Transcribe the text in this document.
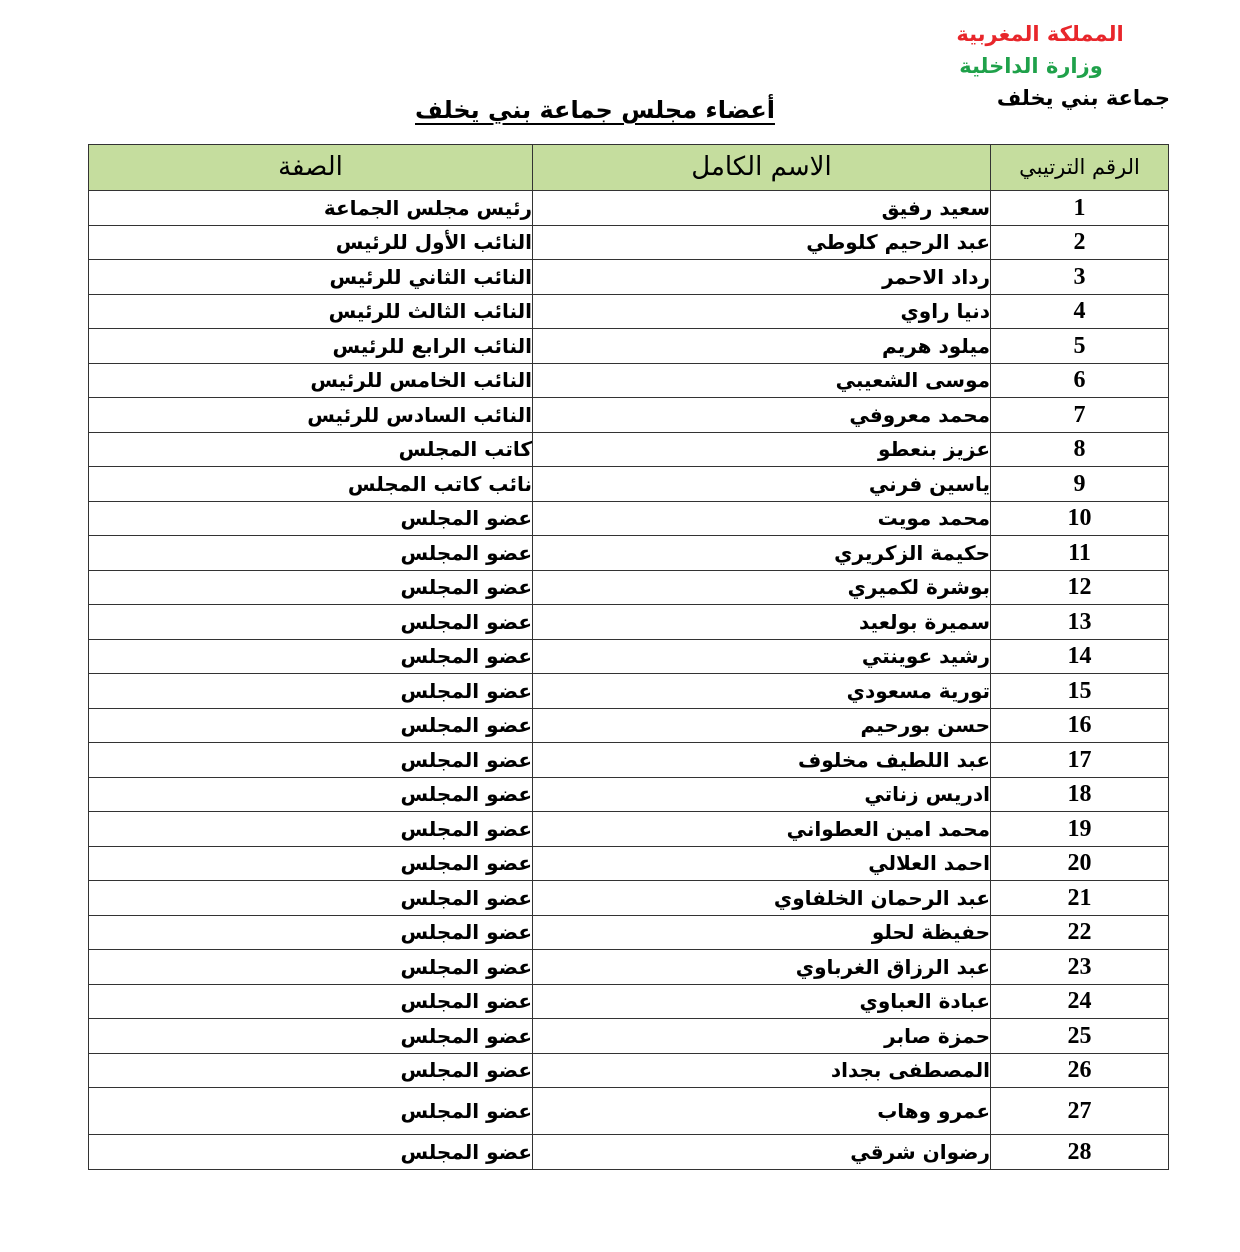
المملكة المغربية
وزارة الداخلية
جماعة بني يخلف
أعضاء مجلس جماعة بني يخلف
الرقم الترتيبي	الاسم الكامل	الصفة
1	سعيد رفيق	رئيس مجلس الجماعة
2	عبد الرحيم كلوطي	النائب الأول للرئيس
3	رداد الاحمر	النائب الثاني للرئيس
4	دنيا راوي	النائب الثالث للرئيس
5	ميلود هريم	النائب الرابع للرئيس
6	موسى الشعيبي	النائب الخامس للرئيس
7	محمد معروفي	النائب السادس للرئيس
8	عزيز بنعطو	كاتب المجلس
9	ياسين فرني	نائب كاتب المجلس
10	محمد مويت	عضو المجلس
11	حكيمة الزكريري	عضو المجلس
12	بوشرة لكميري	عضو المجلس
13	سميرة بولعيد	عضو المجلس
14	رشيد عوينتي	عضو المجلس
15	تورية مسعودي	عضو المجلس
16	حسن بورحيم	عضو المجلس
17	عبد اللطيف مخلوف	عضو المجلس
18	ادريس زناتي	عضو المجلس
19	محمد امين العطواني	عضو المجلس
20	احمد العلالي	عضو المجلس
21	عبد الرحمان الخلفاوي	عضو المجلس
22	حفيظة لحلو	عضو المجلس
23	عبد الرزاق الغرباوي	عضو المجلس
24	عبادة العباوي	عضو المجلس
25	حمزة صابر	عضو المجلس
26	المصطفى بجداد	عضو المجلس
27	عمرو وهاب	عضو المجلس
28	رضوان شرقي	عضو المجلس
